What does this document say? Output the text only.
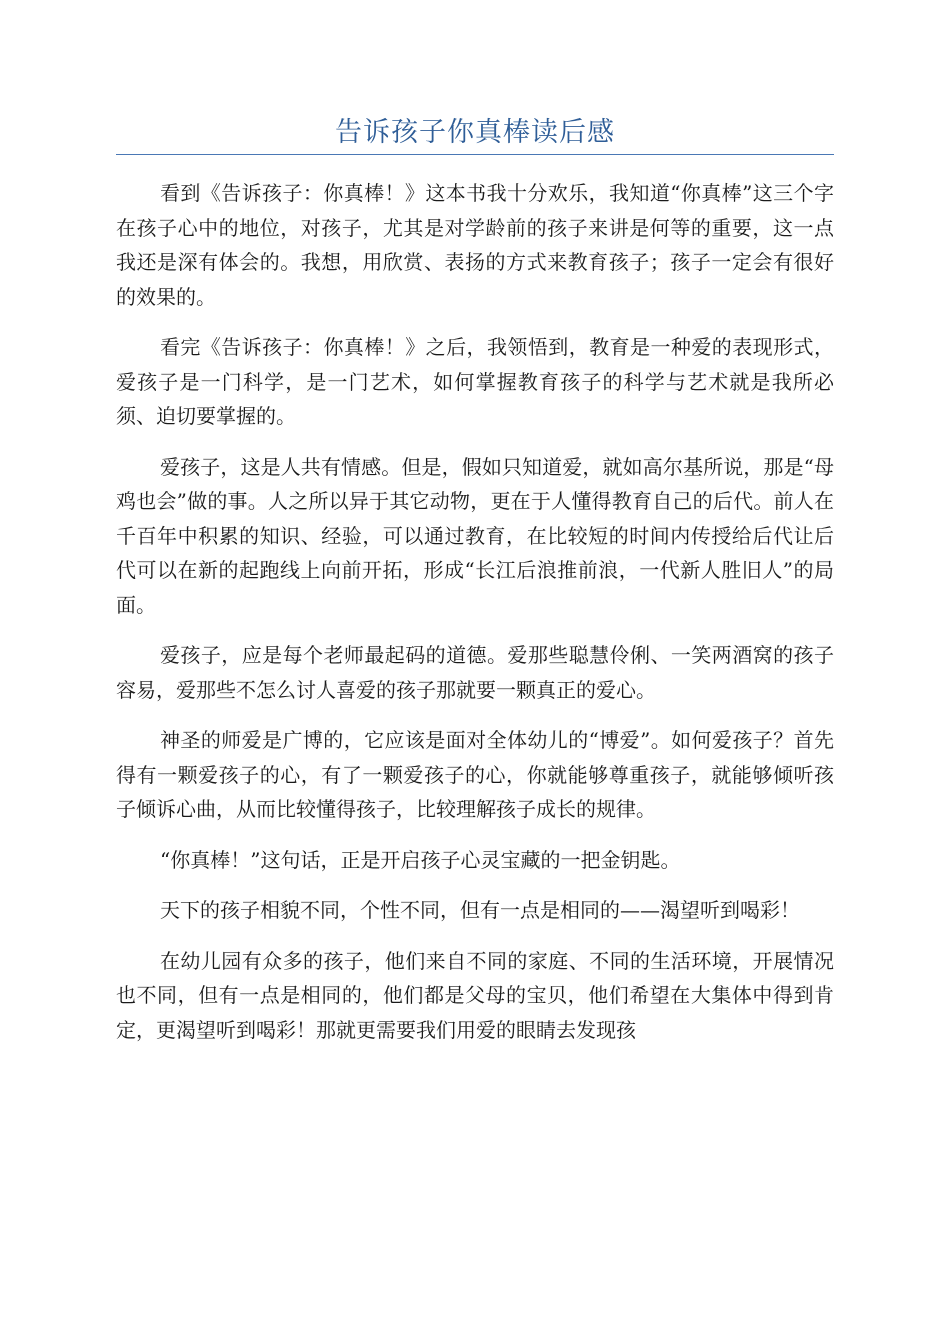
告诉孩子你真棒读后感

看到《告诉孩子：你真棒！》这本书我十分欢乐，我知道“你真棒”这三个字在孩子心中的地位，对孩子，尤其是对学龄前的孩子来讲是何等的重要，这一点我还是深有体会的。我想，用欣赏、表扬的方式来教育孩子；孩子一定会有很好的效果的。

看完《告诉孩子：你真棒！》之后，我领悟到，教育是一种爱的表现形式，爱孩子是一门科学，是一门艺术，如何掌握教育孩子的科学与艺术就是我所必须、迫切要掌握的。

爱孩子，这是人共有情感。但是，假如只知道爱，就如高尔基所说，那是“母鸡也会”做的事。人之所以异于其它动物，更在于人懂得教育自己的后代。前人在千百年中积累的知识、经验，可以通过教育，在比较短的时间内传授给后代让后代可以在新的起跑线上向前开拓，形成“长江后浪推前浪，一代新人胜旧人”的局面。

爱孩子，应是每个老师最起码的道德。爱那些聪慧伶俐、一笑两酒窝的孩子容易，爱那些不怎么讨人喜爱的孩子那就要一颗真正的爱心。

神圣的师爱是广博的，它应该是面对全体幼儿的“博爱”。如何爱孩子？首先得有一颗爱孩子的心，有了一颗爱孩子的心，你就能够尊重孩子，就能够倾听孩子倾诉心曲，从而比较懂得孩子，比较理解孩子成长的规律。

“你真棒！”这句话，正是开启孩子心灵宝藏的一把金钥匙。

天下的孩子相貌不同，个性不同，但有一点是相同的——渴望听到喝彩！

在幼儿园有众多的孩子，他们来自不同的家庭、不同的生活环境，开展情况也不同，但有一点是相同的，他们都是父母的宝贝，他们希望在大集体中得到肯定，更渴望听到喝彩！那就更需要我们用爱的眼睛去发现孩
